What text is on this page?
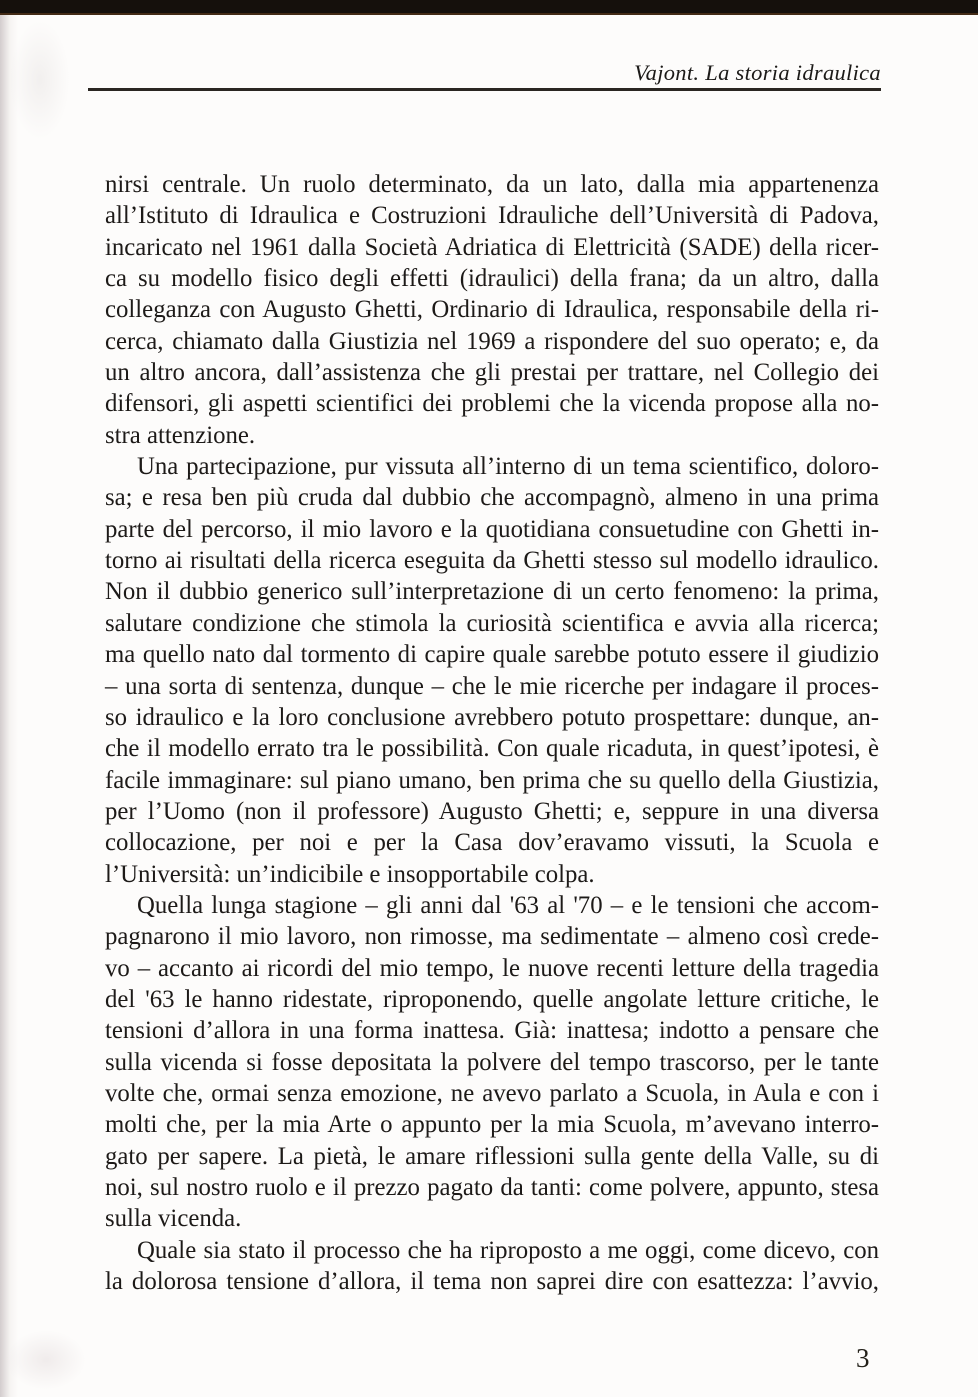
Vajont. La storia idraulica
nirsi centrale. Un ruolo determinato, da un lato, dalla mia appartenenza
all’Istituto di Idraulica e Costruzioni Idrauliche dell’Università di Padova,
incaricato nel 1961 dalla Società Adriatica di Elettricità (SADE) della ricer-
ca su modello fisico degli effetti (idraulici) della frana; da un altro, dalla
colleganza con Augusto Ghetti, Ordinario di Idraulica, responsabile della ri-
cerca, chiamato dalla Giustizia nel 1969 a rispondere del suo operato; e, da
un altro ancora, dall’assistenza che gli prestai per trattare, nel Collegio dei
difensori, gli aspetti scientifici dei problemi che la vicenda propose alla no-
stra attenzione.
Una partecipazione, pur vissuta all’interno di un tema scientifico, doloro-
sa; e resa ben più cruda dal dubbio che accompagnò, almeno in una prima
parte del percorso, il mio lavoro e la quotidiana consuetudine con Ghetti in-
torno ai risultati della ricerca eseguita da Ghetti stesso sul modello idraulico.
Non il dubbio generico sull’interpretazione di un certo fenomeno: la prima,
salutare condizione che stimola la curiosità scientifica e avvia alla ricerca;
ma quello nato dal tormento di capire quale sarebbe potuto essere il giudizio
– una sorta di sentenza, dunque – che le mie ricerche per indagare il proces-
so idraulico e la loro conclusione avrebbero potuto prospettare: dunque, an-
che il modello errato tra le possibilità. Con quale ricaduta, in quest’ipotesi, è
facile immaginare: sul piano umano, ben prima che su quello della Giustizia,
per l’Uomo (non il professore) Augusto Ghetti; e, seppure in una diversa
collocazione, per noi e per la Casa dov’eravamo vissuti, la Scuola e
l’Università: un’indicibile e insopportabile colpa.
Quella lunga stagione – gli anni dal '63 al '70 – e le tensioni che accom-
pagnarono il mio lavoro, non rimosse, ma sedimentate – almeno così crede-
vo – accanto ai ricordi del mio tempo, le nuove recenti letture della tragedia
del '63 le hanno ridestate, riproponendo, quelle angolate letture critiche, le
tensioni d’allora in una forma inattesa. Già: inattesa; indotto a pensare che
sulla vicenda si fosse depositata la polvere del tempo trascorso, per le tante
volte che, ormai senza emozione, ne avevo parlato a Scuola, in Aula e con i
molti che, per la mia Arte o appunto per la mia Scuola, m’avevano interro-
gato per sapere. La pietà, le amare riflessioni sulla gente della Valle, su di
noi, sul nostro ruolo e il prezzo pagato da tanti: come polvere, appunto, stesa
sulla vicenda.
Quale sia stato il processo che ha riproposto a me oggi, come dicevo, con
la dolorosa tensione d’allora, il tema non saprei dire con esattezza: l’avvio,
3
